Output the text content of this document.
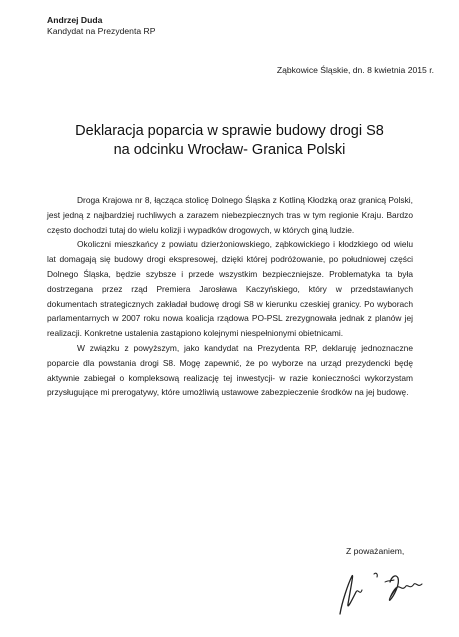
Andrzej Duda
Kandydat na Prezydenta RP
Ząbkowice Śląskie, dn. 8 kwietnia 2015 r.
Deklaracja poparcia w sprawie budowy drogi S8
na odcinku Wrocław- Granica Polski

Droga Krajowa nr 8, łącząca stolicę Dolnego Śląska z Kotliną Kłodzką oraz granicą Polski, jest jedną z najbardziej ruchliwych a zarazem niebezpiecznych tras w tym regionie Kraju. Bardzo często dochodzi tutaj do wielu kolizji i wypadków drogowych, w których giną ludzie.

Okoliczni mieszkańcy z powiatu dzierżoniowskiego, ząbkowickiego i kłodzkiego od wielu lat domagają się budowy drogi ekspresowej, dzięki której podróżowanie, po południowej części Dolnego Śląska, będzie szybsze i przede wszystkim bezpieczniejsze. Problematyka ta była dostrzegana przez rząd Premiera Jarosława Kaczyńskiego, który w przedstawianych dokumentach strategicznych zakładał budowę drogi S8 w kierunku czeskiej granicy. Po wyborach parlamentarnych w 2007 roku nowa koalicja rządowa PO-PSL zrezygnowała jednak z planów jej realizacji. Konkretne ustalenia zastąpiono kolejnymi niespełnionymi obietnicami.

W związku z powyższym, jako kandydat na Prezydenta RP, deklaruję jednoznaczne poparcie dla powstania drogi S8. Mogę zapewnić, że po wyborze na urząd prezydencki będę aktywnie zabiegał o kompleksową realizację tej inwestycji- w razie konieczności wykorzystam przysługujące mi prerogatywy, które umożliwią ustawowe zabezpieczenie środków na jej budowę.

Z poważaniem,
